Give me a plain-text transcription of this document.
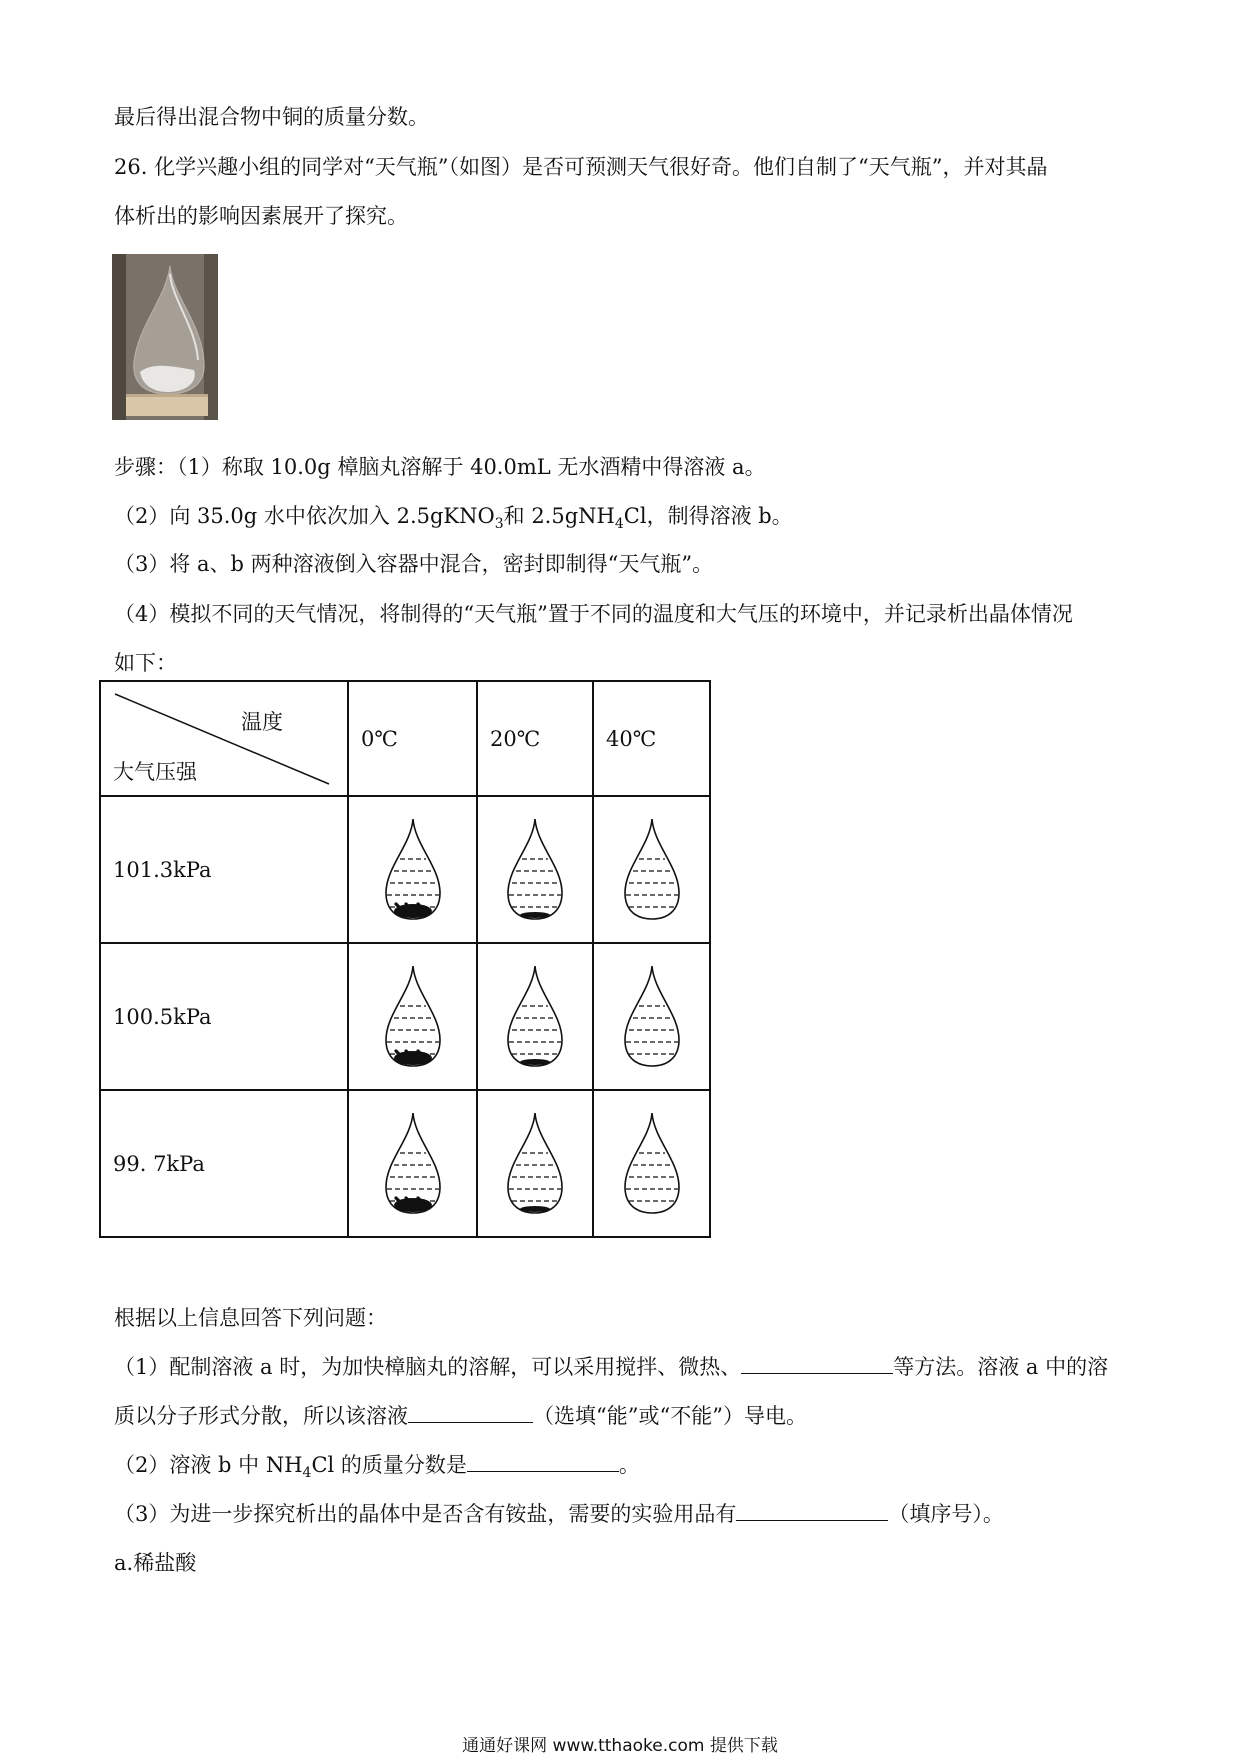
最后得出混合物中铜的质量分数。
26. 化学兴趣小组的同学对“天气瓶”（如图）是否可预测天气很好奇。他们自制了“天气瓶”，并对其晶
体析出的影响因素展开了探究。
步骤：（1）称取 10.0g 樟脑丸溶解于 40.0mL 无水酒精中得溶液 a。
（2）向 35.0g 水中依次加入 2.5gKNO$_3$和 2.5gNH$_4$Cl，制得溶液 b。
（3）将 a、b 两种溶液倒入容器中混合，密封即制得“天气瓶”。
（4）模拟不同的天气情况，将制得的“天气瓶”置于不同的温度和大气压的环境中，并记录析出晶体情况
如下：
温度
大气压强	0℃	20℃	40℃
101.3kPa	

100.5kPa	

99. 7kPa	

根据以上信息回答下列问题：
（1）配制溶液 a 时，为加快樟脑丸的溶解，可以采用搅拌、微热、	等方法。溶液 a 中的溶
质以分子形式分散，所以该溶液	（选填“能”或“不能”）导电。
（2）溶液 b 中 $NH_4Cl$ 的质量分数是	。
（3）为进一步探究析出的晶体中是否含有铵盐，需要的实验用品有	（填序号）。
a.稀盐酸
通通好课网 www.tthaoke.com 提供下载
